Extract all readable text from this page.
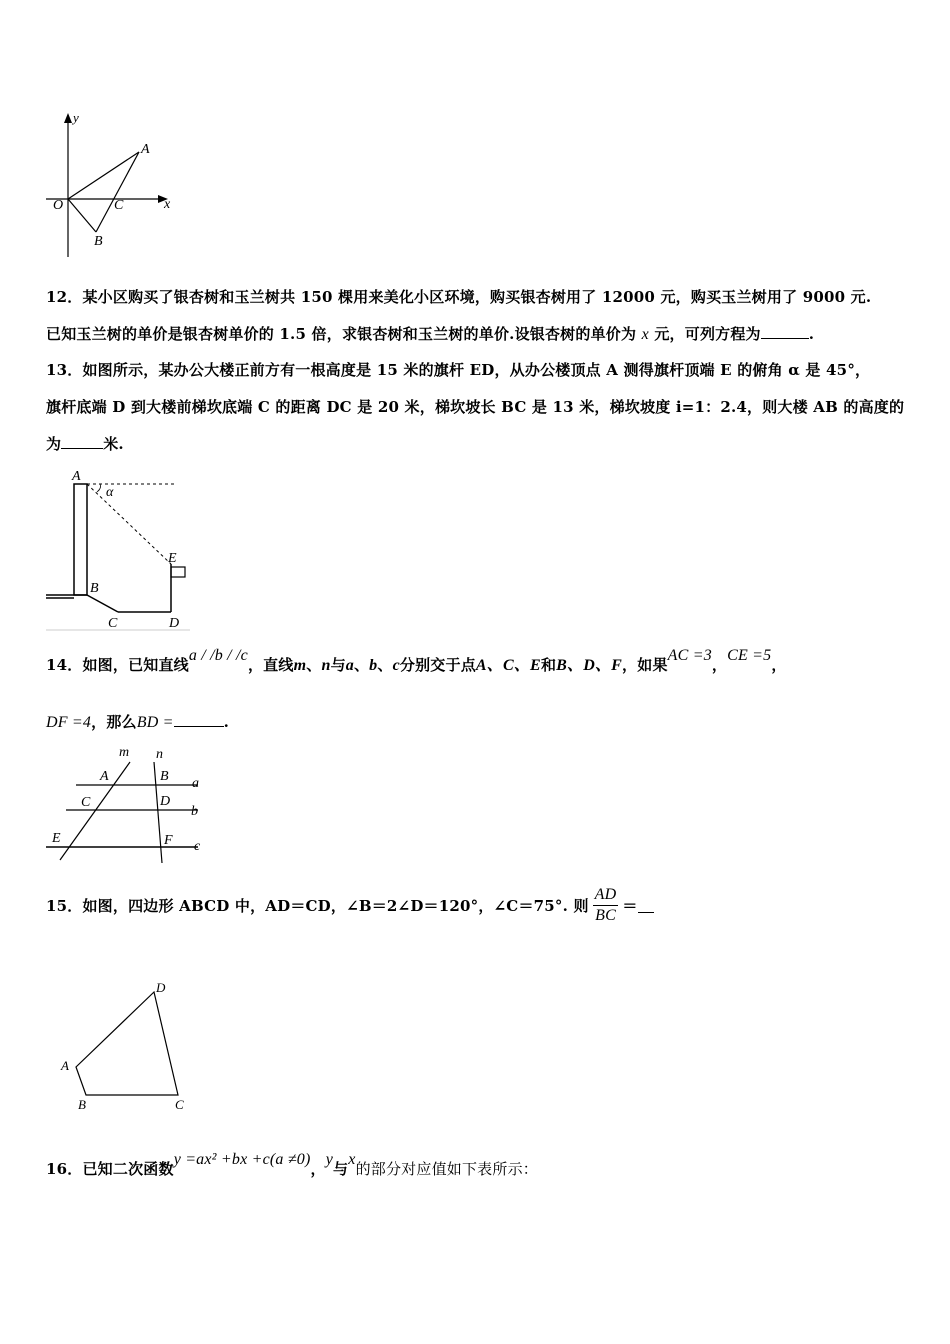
y
x
O
A
C
B
12．某小区购买了银杏树和玉兰树共 150 棵用来美化小区环境，购买银杏树用了 12000 元，购买玉兰树用了 9000 元.
已知玉兰树的单价是银杏树单价的 1.5 倍，求银杏树和玉兰树的单价.设银杏树的单价为 x 元，可列方程为	.
13．如图所示，某办公大楼正前方有一根高度是 15 米的旗杆 ED，从办公楼顶点 A 测得旗杆顶端 E 的俯角 α 是 45°，
旗杆底端 D 到大楼前梯坎底端 C 的距离 DC 是 20 米，梯坎坡长 BC 是 13 米，梯坎坡度 i=1：2.4，则大楼 AB 的高度的
为	米.
A
α
E
B
C	D
14．如图，已知直线a / /b / /c，直线m、n与a、b、c分别交于点A、C、E和B、D、F，如果AC =3，CE =5，
DF =4，那么BD =	.
m n
A	B a
C	D
b
E	F c
15． 如图，四边形 ABCD 中，AD＝CD，∠B＝2∠D＝120°，∠C＝75°. 则 $\frac{AD}{BC}$ ＝
D
A
B	C
16．已知二次函数y =ax² +bx +c(a ≠0)，y与x的部分对应值如下表所示：
